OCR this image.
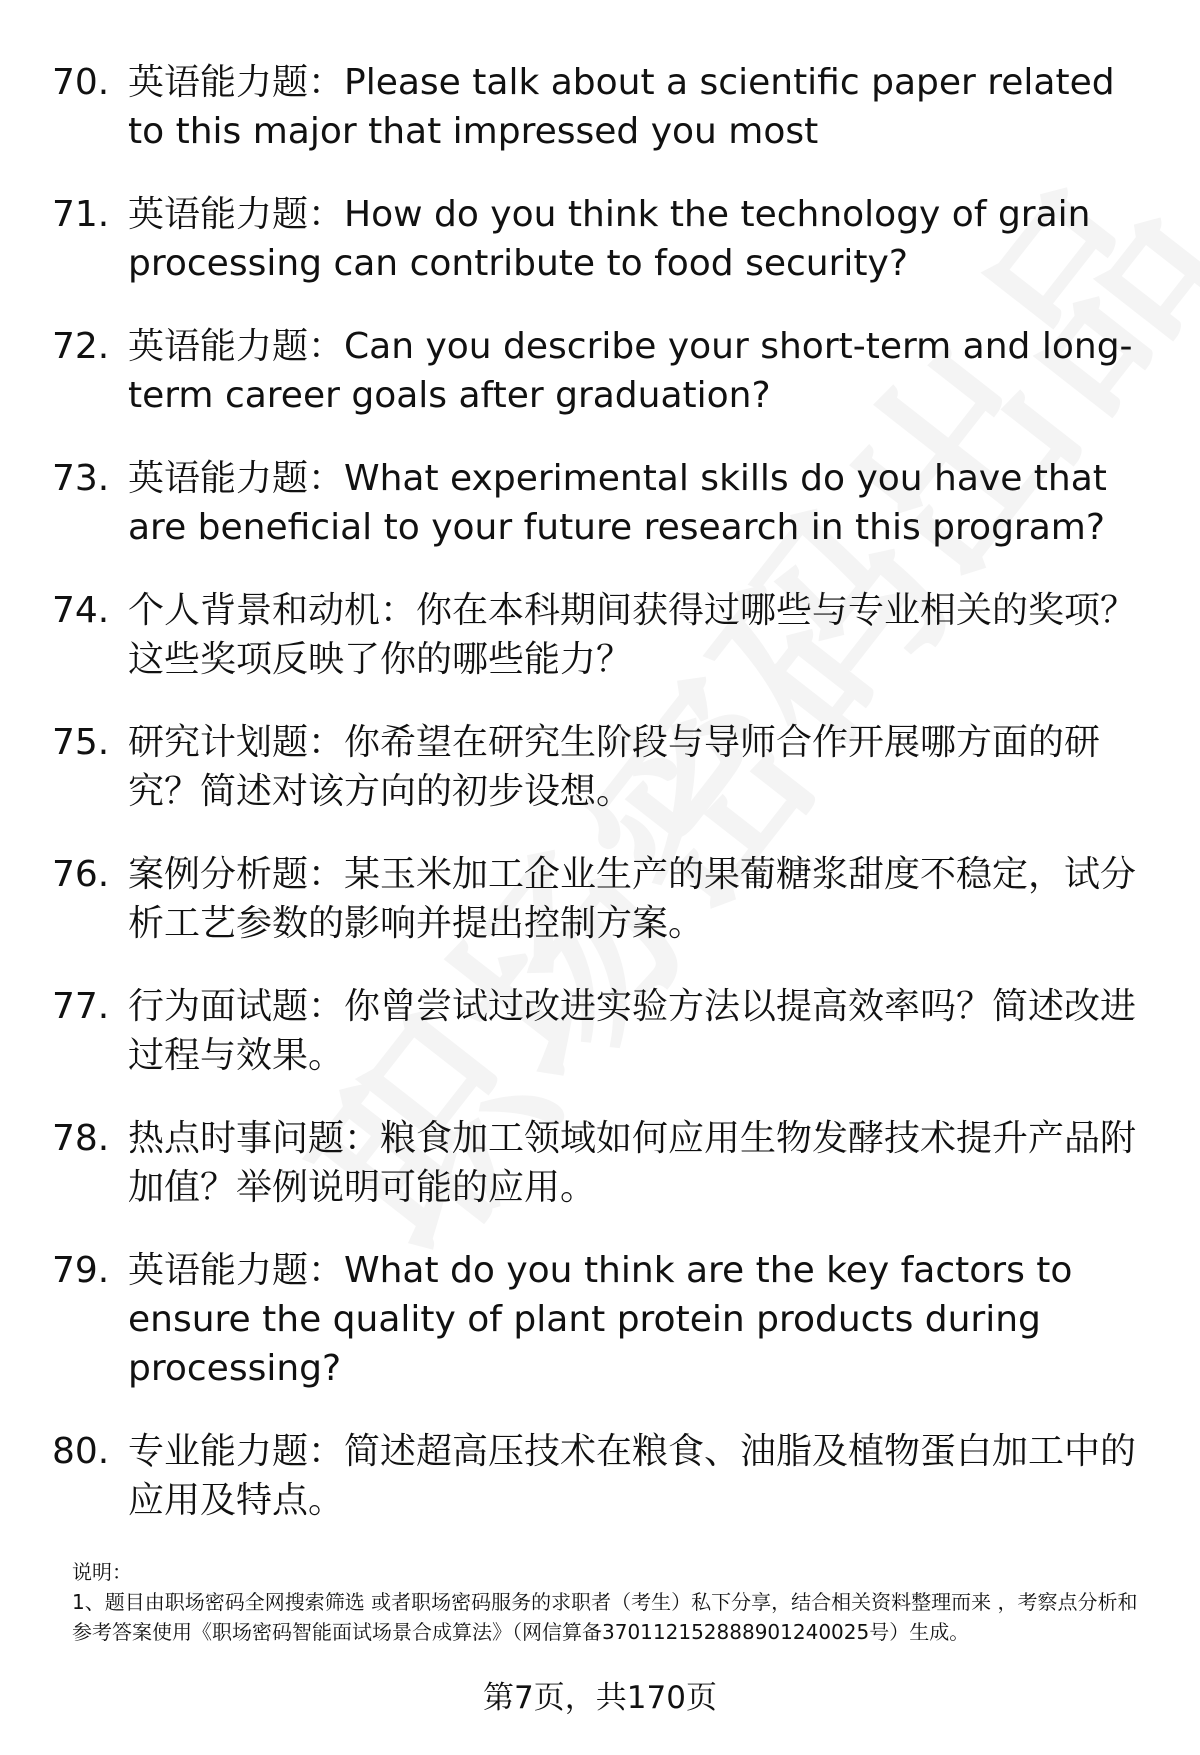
70. 英语能力题：Please talk about a scientific paper related to this major that impressed you most
71. 英语能力题：How do you think the technology of grain processing can contribute to food security?
72. 英语能力题：Can you describe your short-term and long-term career goals after graduation?
73. 英语能力题：What experimental skills do you have that are beneficial to your future research in this program?
74. 个人背景和动机：你在本科期间获得过哪些与专业相关的奖项？这些奖项反映了你的哪些能力？
75. 研究计划题：你希望在研究生阶段与导师合作开展哪方面的研究？简述对该方向的初步设想。
76. 案例分析题：某玉米加工企业生产的果葡糖浆甜度不稳定，试分析工艺参数的影响并提出控制方案。
77. 行为面试题：你曾尝试过改进实验方法以提高效率吗？简述改进过程与效果。
78. 热点时事问题：粮食加工领域如何应用生物发酵技术提升产品附加值？举例说明可能的应用。
79. 英语能力题：What do you think are the key factors to ensure the quality of plant protein products during processing?
80. 专业能力题：简述超高压技术在粮食、油脂及植物蛋白加工中的应用及特点。
说明：
1、题目由职场密码全网搜索筛选 或者职场密码服务的求职者（考生）私下分享，结合相关资料整理而来 ，考察点分析和参考答案使用《职场密码智能面试场景合成算法》（网信算备370112152888901240025号）生成。
第7页，共170页
